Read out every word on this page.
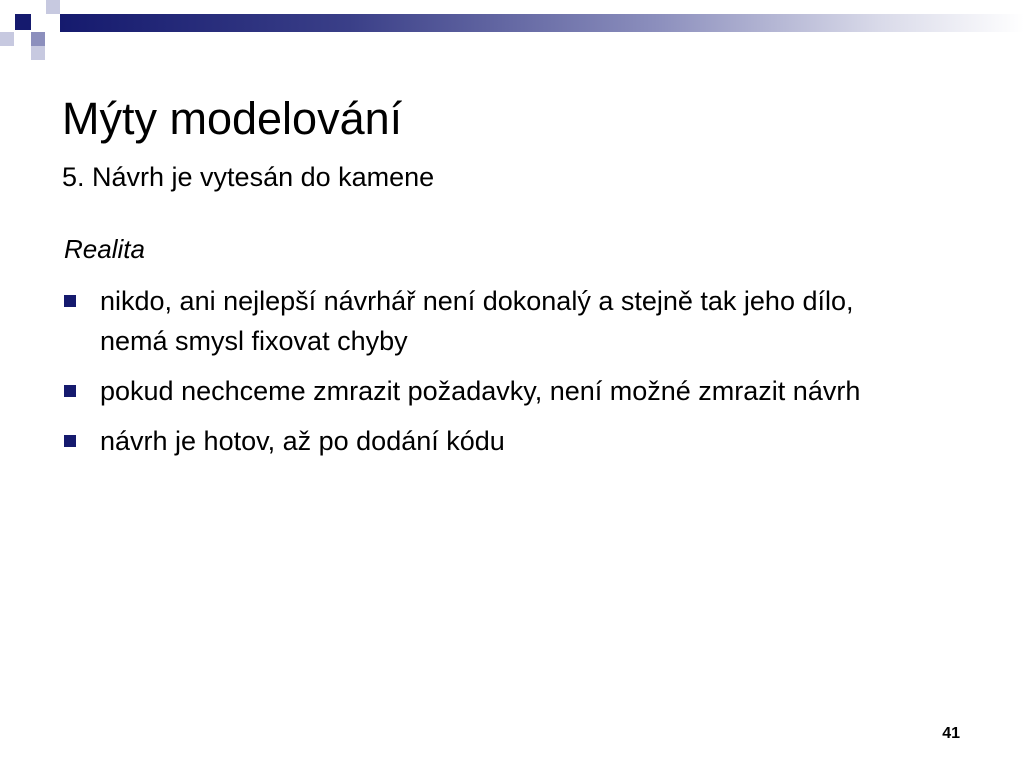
Mýty modelování

5. Návrh je vytesán do kamene

Realita

nikdo, ani nejlepší návrhář není dokonalý a stejně tak jeho dílo, nemá smysl fixovat chyby
pokud nechceme zmrazit požadavky, není možné zmrazit návrh
návrh je hotov, až po dodání kódu
41
